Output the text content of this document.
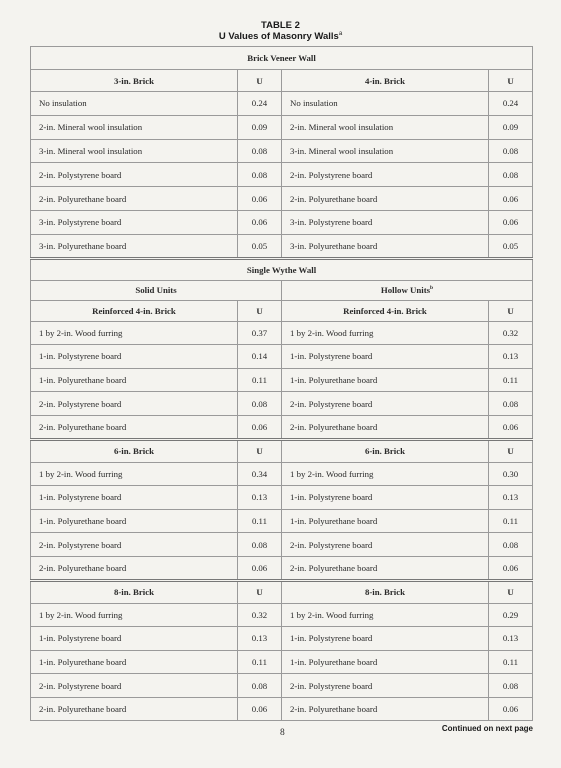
TABLE 2
U Values of Masonry Walls$^a$
Brick Veneer Wall			
3-in. Brick	U	4-in. Brick	U
No insulation	0.24	No insulation	0.24
2-in. Mineral wool insulation	0.09	2-in. Mineral wool insulation	0.09
3-in. Mineral wool insulation	0.08	3-in. Mineral wool insulation	0.08
2-in. Polystyrene board	0.08	2-in. Polystyrene board	0.08
2-in. Polyurethane board	0.06	2-in. Polyurethane board	0.06
3-in. Polystyrene board	0.06	3-in. Polystyrene board	0.06
3-in. Polyurethane board	0.05	3-in. Polyurethane board	0.05
Single Wythe Wall			
Solid Units		Hollow Units$^b$
Reinforced 4-in. Brick	U	Reinforced 4-in. Brick	U
1 by 2-in. Wood furring	0.37	1 by 2-in. Wood furring	0.32
1-in. Polystyrene board	0.14	1-in. Polystyrene board	0.13
1-in. Polyurethane board	0.11	1-in. Polyurethane board	0.11
2-in. Polystyrene board	0.08	2-in. Polystyrene board	0.08
2-in. Polyurethane board	0.06	2-in. Polyurethane board	0.06
6-in. Brick	U	6-in. Brick	U
1 by 2-in. Wood furring	0.34	1 by 2-in. Wood furring	0.30
1-in. Polystyrene board	0.13	1-in. Polystyrene board	0.13
1-in. Polyurethane board	0.11	1-in. Polyurethane board	0.11
2-in. Polystyrene board	0.08	2-in. Polystyrene board	0.08
2-in. Polyurethane board	0.06	2-in. Polyurethane board	0.06
8-in. Brick	U	8-in. Brick	U
1 by 2-in. Wood furring	0.32	1 by 2-in. Wood furring	0.29
1-in. Polystyrene board	0.13	1-in. Polystyrene board	0.13
1-in. Polyurethane board	0.11	1-in. Polyurethane board	0.11
2-in. Polystyrene board	0.08	2-in. Polystyrene board	0.08
2-in. Polyurethane board	0.06	2-in. Polyurethane board	0.06
8	Continued on next page
